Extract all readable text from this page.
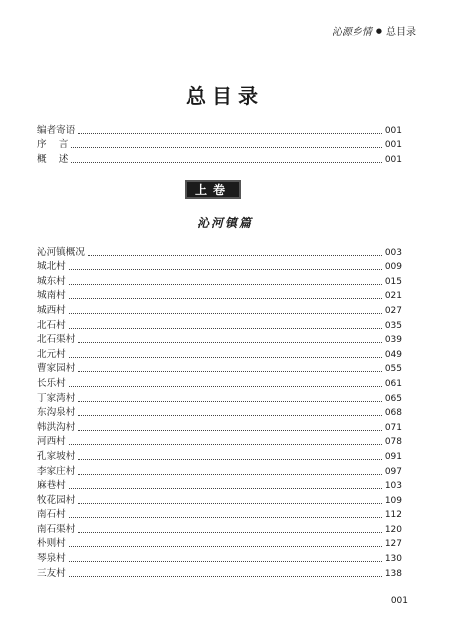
沁源乡情 ● 总目录
总目录
编者寄语	001
序    言	001
概    述	001
上卷
沁河镇篇
沁河镇概况	003
城北村	009
城东村	015
城南村	021
城西村	027
北石村	035
北石渠村	039
北元村	049
曹家园村	055
长乐村	061
丁家湾村	065
东沟泉村	068
韩洪沟村	071
河西村	078
孔家坡村	091
李家庄村	097
麻巷村	103
牧花园村	109
南石村	112
南石渠村	120
朴则村	127
琴泉村	130
三友村	138
001
